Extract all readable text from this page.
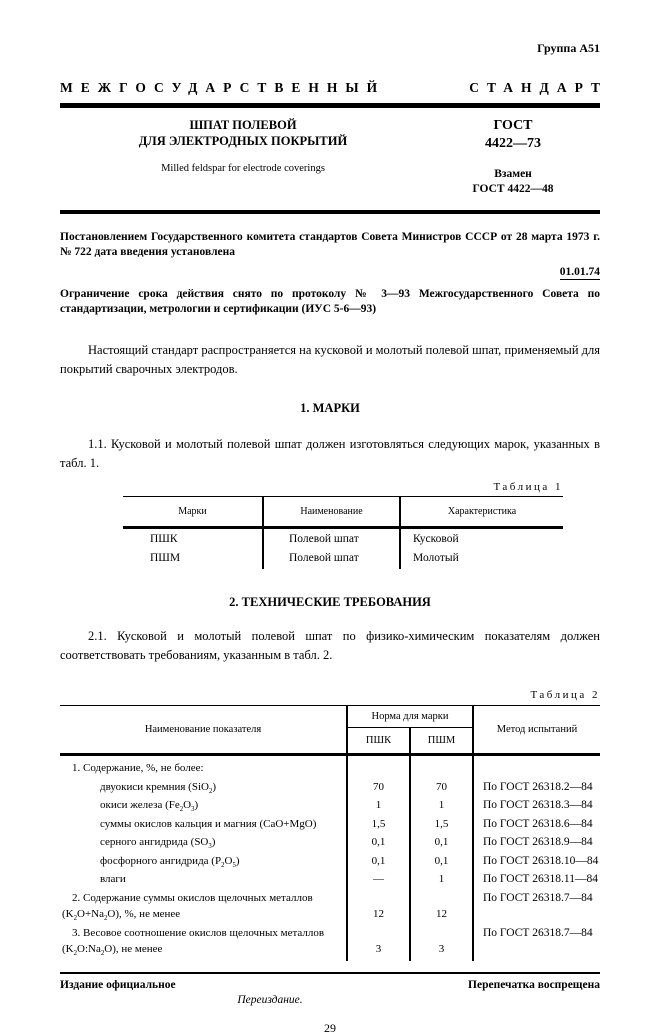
Группа А51
МЕЖГОСУДАРСТВЕННЫЙ	СТАНДАРТ
ШПАТ ПОЛЕВОЙ
ДЛЯ ЭЛЕКТРОДНЫХ ПОКРЫТИЙ
Milled feldspar for electrode coverings
ГОСТ
4422—73
Взамен
ГОСТ 4422—48
Постановлением Государственного комитета стандартов Совета Министров СССР от 28 марта 1973 г. № 722 дата введения установлена
01.01.74
Ограничение срока действия снято по протоколу № 3—93 Межгосударственного Совета по стандартизации, метрологии и сертификации (ИУС 5-6—93)
Настоящий стандарт распространяется на кусковой и молотый полевой шпат, применяемый для покрытий сварочных электродов.
1. МАРКИ
1.1. Кусковой и молотый полевой шпат должен изготовляться следующих марок, указанных в табл. 1.
Таблица 1
Марки	Наименование	Характеристика
ПШК	Полевой шпат	Кусковой
ПШМ	Полевой шпат	Молотый
2. ТЕХНИЧЕСКИЕ ТРЕБОВАНИЯ
2.1. Кусковой и молотый полевой шпат по физико-химическим показателям должен соответствовать требованиям, указанным в табл. 2.
Таблица 2
Наименование показателя	Норма для марки		Метод испытаний
	ПШК	ПШМ	
1. Содержание, %, не более:			
двуокиси кремния (SiO$_2$)	70	70	По ГОСТ 26318.2—84
окиси железа $(Fe_2O_3)$	1	1	По ГОСТ 26318.3—84
суммы окислов кальция и магния (CaO+MgO)	1,5	1,5	По ГОСТ 26318.6—84
серного ангидрида $(SO_3)$	0,1	0,1	По ГОСТ 26318.9—84
фосфорного ангидрида $(P_2O_5)$	0,1	0,1	По ГОСТ 26318.10—84
влаги	—	1	По ГОСТ 26318.11—84
2. Содержание суммы окислов щелочных металлов $(K_2O+Na_2O)$, %, не менее	12	12	По ГОСТ 26318.7—84
3. Весовое соотношение окислов щелочных металлов $(K_2O:Na_2O)$, не менее	3	3	По ГОСТ 26318.7—84
Издание официальное	Перепечатка воспрещена
Переиздание.
29
